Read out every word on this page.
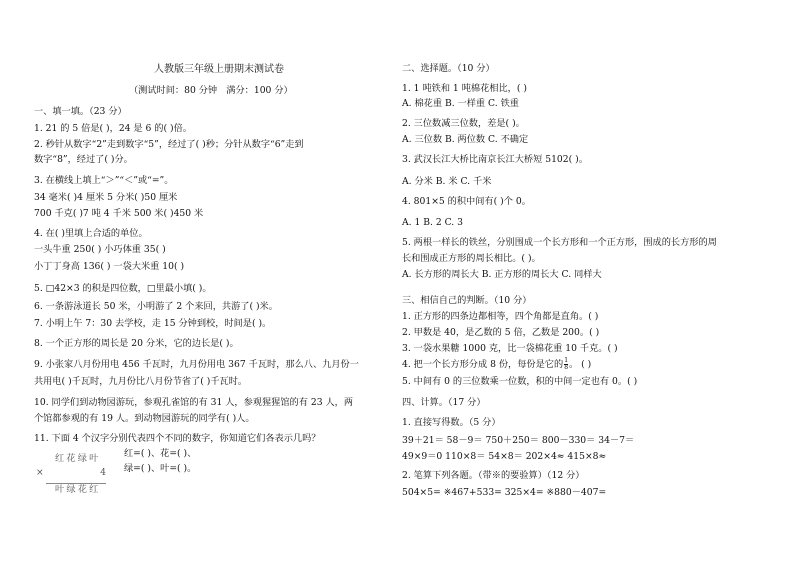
人教版三年级上册期末测试卷
（测试时间：80 分钟　满分：100 分）
一、填一填。（23 分）
1. 21 的 5 倍是( )，24 是 6 的( )倍。
2. 秒针从数字“2”走到数字“5”，经过了( )秒；分针从数字“6”走到
数字“8”，经过了( )分。
3. 在横线上填上“＞”“＜”或“=”。
34 毫米( )4 厘米 5 分米( )50 厘米
700 千克( )7 吨 4 千米 500 米( )450 米
4. 在( )里填上合适的单位。
一头牛重 250( ) 小巧体重 35( )
小丁丁身高 136( ) 一袋大米重 10( )
5. □42×3 的积是四位数，□里最小填( )。
6. 一条游泳道长 50 米，小明游了 2 个来回，共游了( )米。
7. 小明上午 7：30 去学校，走 15 分钟到校，时间是( )。
8. 一个正方形的周长是 20 分米，它的边长是( )。
9. 小张家八月份用电 456 千瓦时，九月份用电 367 千瓦时，那么八、九月份一
共用电( )千瓦时，九月份比八月份节省了( )千瓦时。
10. 同学们到动物园游玩，参观孔雀馆的有 31 人，参观猩猩馆的有 23 人，两
个馆都参观的有 19 人。到动物园游玩的同学有( )人。
11. 下面 4 个汉字分别代表四个不同的数字，你知道它们各表示几吗？
红花绿叶
×	4
叶绿花红
红=( )、花=( )、
绿=( )、叶=( )。
二、选择题。（10 分）
1. 1 吨铁和 1 吨棉花相比，( )
A. 棉花重 B. 一样重 C. 铁重
2. 三位数减三位数，差是( )。
A. 三位数 B. 两位数 C. 不确定
3. 武汉长江大桥比南京长江大桥短 5102( )。
A. 分米 B. 米 C. 千米
4. 801×5 的积中间有( )个 0。
A. 1 B. 2 C. 3
5. 两根一样长的铁丝，分别围成一个长方形和一个正方形，围成的长方形的周
长和围成正方形的周长相比。( )。
A. 长方形的周长大 B. 正方形的周长大 C. 同样大
三、相信自己的判断。（10 分）
1. 正方形的四条边都相等，四个角都是直角。( )
2. 甲数是 40，是乙数的 5 倍，乙数是 200。( )
3. 一袋水果糖 1000 克，比一袋棉花重 10 千克。( )
4. 把一个长方形分成 8 份，每份是它的 $\frac{1}{8}$ 。 ( )
5. 中间有 0 的三位数乘一位数，积的中间一定也有 0。( )
四、计算。（17 分）
1. 直接写得数。（5 分）
39＋21＝ 58－9＝ 750＋250＝ 800－330＝ 34－7＝
49×9＝0 110×8＝ 54×8＝ 202×4≈ 415×8≈
2. 笔算下列各题。（带※的要验算）（12 分）
504×5= ※467+533= 325×4= ※880－407=
